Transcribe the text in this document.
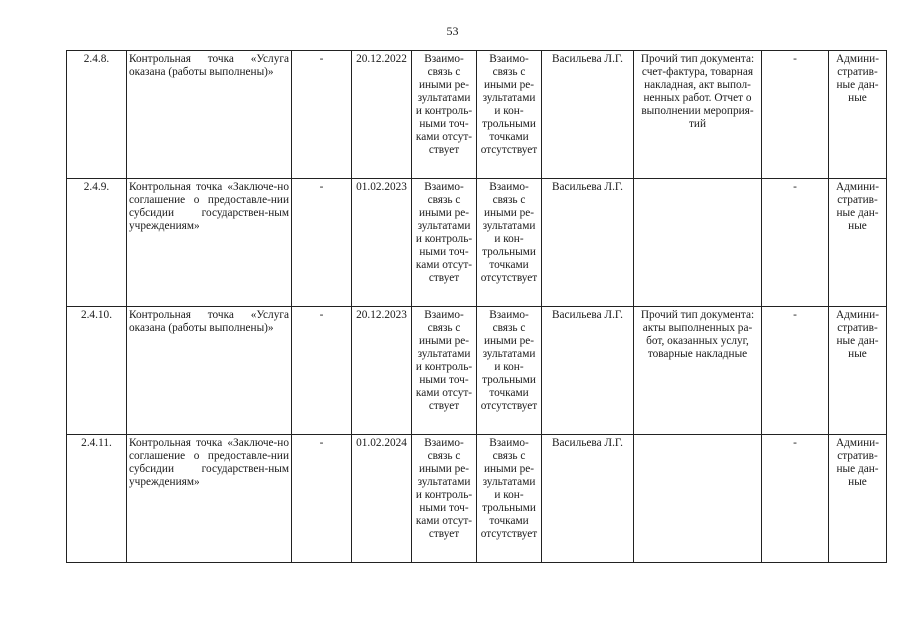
53
2.4.8.	Контрольная точка «Услуга оказана (работы выполнены)»	-	20.12.2022	Взаимо-связь с иными ре-зультатами и контроль-ными точ-ками отсут-ствует	Взаимо-связь с иными ре-зультатами и кон-трольными точками отсутствует	Васильева Л.Г.	Прочий тип документа: счет-фактура, товарная накладная, акт выпол-ненных работ. Отчет о выполнении мероприя-тий	-	Админи-стратив-ные дан-ные
2.4.9.	Контрольная точка «Заключе-но соглашение о предоставле-нии субсидии государствен-ным учреждениям»	-	01.02.2023	Взаимо-связь с иными ре-зультатами и контроль-ными точ-ками отсут-ствует	Взаимо-связь с иными ре-зультатами и кон-трольными точками отсутствует	Васильева Л.Г.		-	Админи-стратив-ные дан-ные
2.4.10.	Контрольная точка «Услуга оказана (работы выполнены)»	-	20.12.2023	Взаимо-связь с иными ре-зультатами и контроль-ными точ-ками отсут-ствует	Взаимо-связь с иными ре-зультатами и кон-трольными точками отсутствует	Васильева Л.Г.	Прочий тип документа: акты выполненных ра-бот, оказанных услуг, товарные накладные	-	Админи-стратив-ные дан-ные
2.4.11.	Контрольная точка «Заключе-но соглашение о предоставле-нии субсидии государствен-ным учреждениям»	-	01.02.2024	Взаимо-связь с иными ре-зультатами и контроль-ными точ-ками отсут-ствует	Взаимо-связь с иными ре-зультатами и кон-трольными точками отсутствует	Васильева Л.Г.		-	Админи-стратив-ные дан-ные
